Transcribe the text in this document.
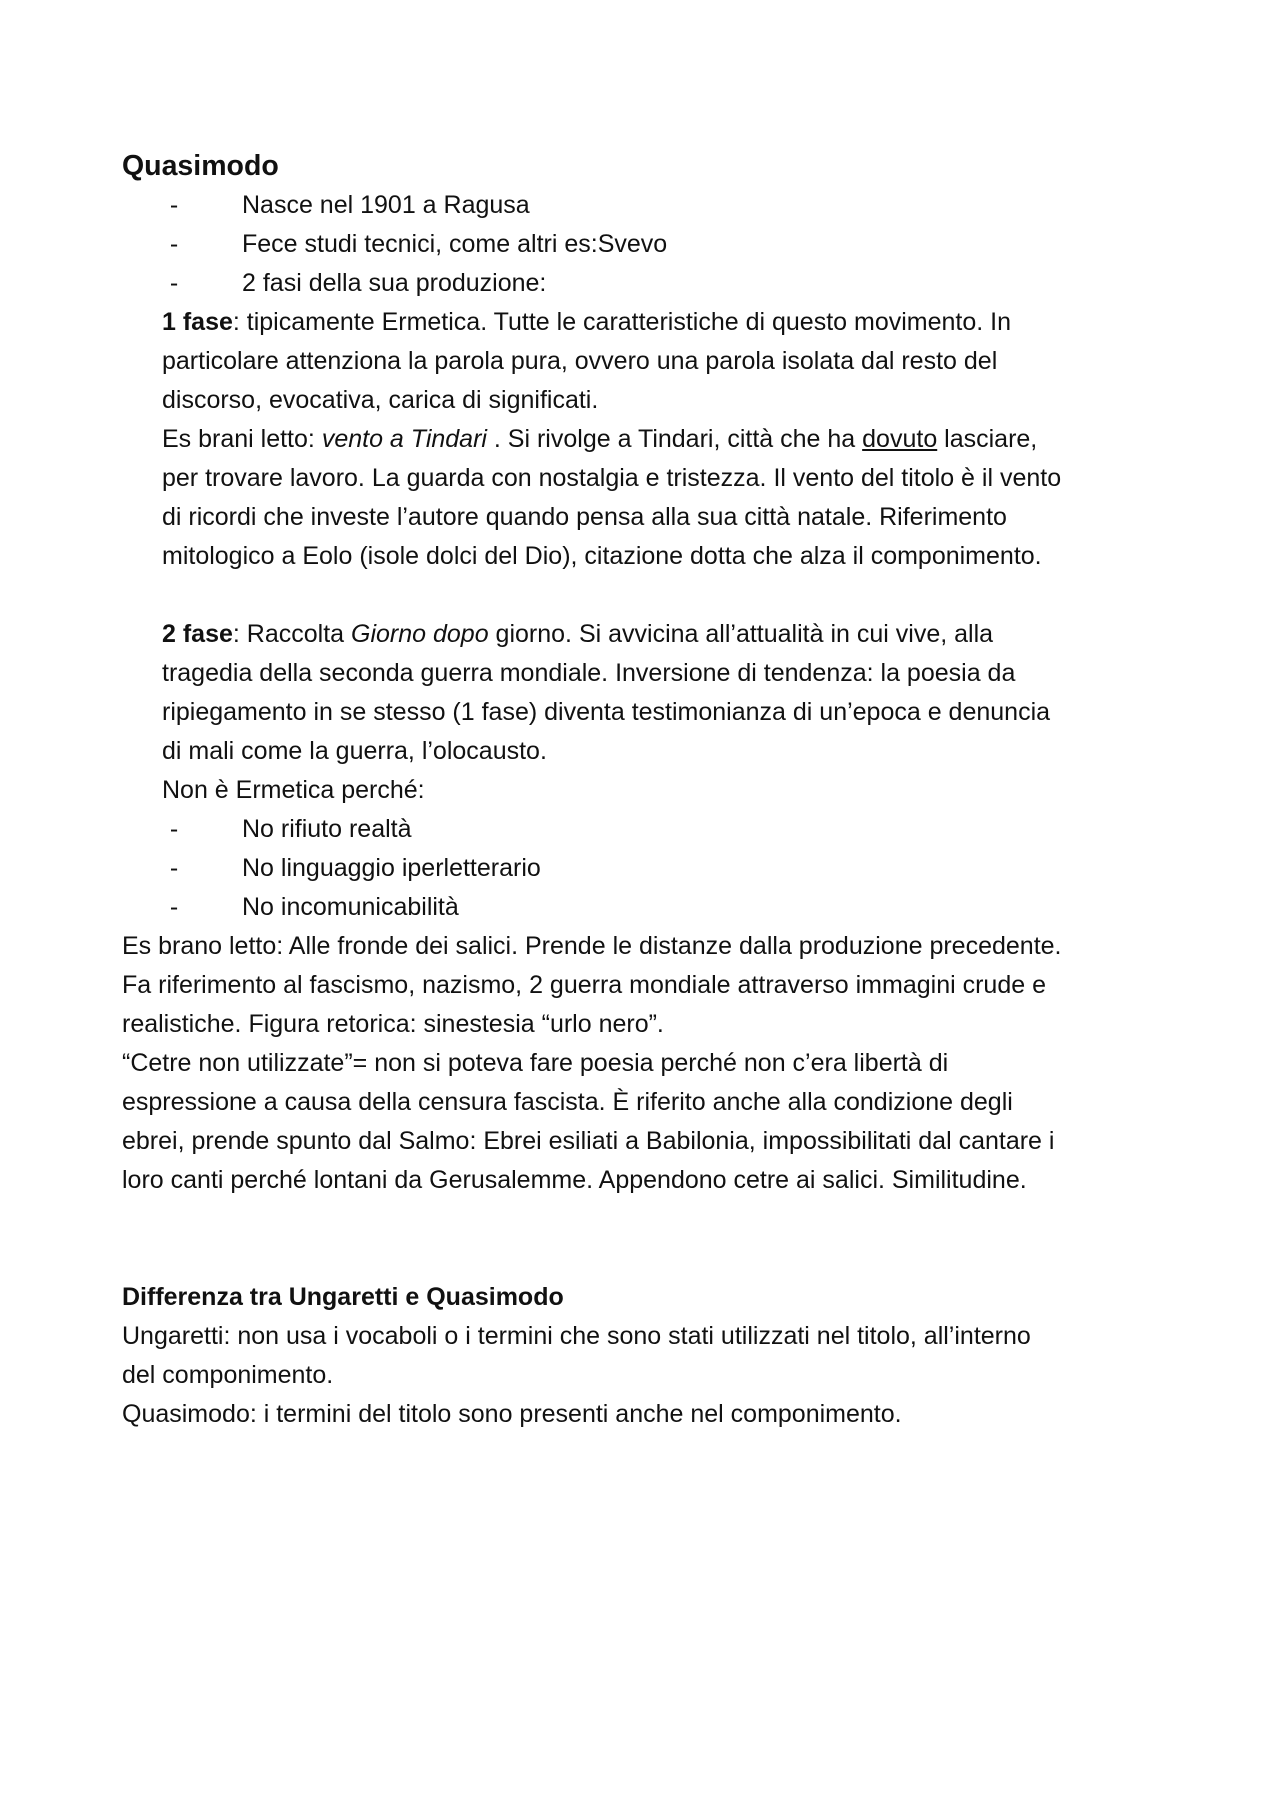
Quasimodo
-	Nasce nel 1901 a Ragusa
-	Fece studi tecnici, come altri es:Svevo
-	2 fasi della sua produzione:
1 fase: tipicamente Ermetica. Tutte le caratteristiche di questo movimento. In
particolare attenziona la parola pura, ovvero una parola isolata dal resto del
discorso, evocativa, carica di significati.
Es brani letto: vento a Tindari . Si rivolge a Tindari, città che ha dovuto lasciare,
per trovare lavoro. La guarda con nostalgia e tristezza. Il vento del titolo è il vento
di ricordi che investe l’autore quando pensa alla sua città natale. Riferimento
mitologico a Eolo (isole dolci del Dio), citazione dotta che alza il componimento.
2 fase: Raccolta Giorno dopo giorno. Si avvicina all’attualità in cui vive, alla
tragedia della seconda guerra mondiale. Inversione di tendenza: la poesia da
ripiegamento in se stesso (1 fase) diventa testimonianza di un’epoca e denuncia
di mali come la guerra, l’olocausto.
Non è Ermetica perché:
-	No rifiuto realtà
-	No linguaggio iperletterario
-	No incomunicabilità
Es brano letto: Alle fronde dei salici. Prende le distanze dalla produzione precedente.
Fa riferimento al fascismo, nazismo, 2 guerra mondiale attraverso immagini crude e
realistiche. Figura retorica: sinestesia “urlo nero”.
“Cetre non utilizzate”= non si poteva fare poesia perché non c’era libertà di
espressione a causa della censura fascista. È riferito anche alla condizione degli
ebrei, prende spunto dal Salmo: Ebrei esiliati a Babilonia, impossibilitati dal cantare i
loro canti perché lontani da Gerusalemme. Appendono cetre ai salici. Similitudine.
Differenza tra Ungaretti e Quasimodo
Ungaretti: non usa i vocaboli o i termini che sono stati utilizzati nel titolo, all’interno
del componimento.
Quasimodo: i termini del titolo sono presenti anche nel componimento.
